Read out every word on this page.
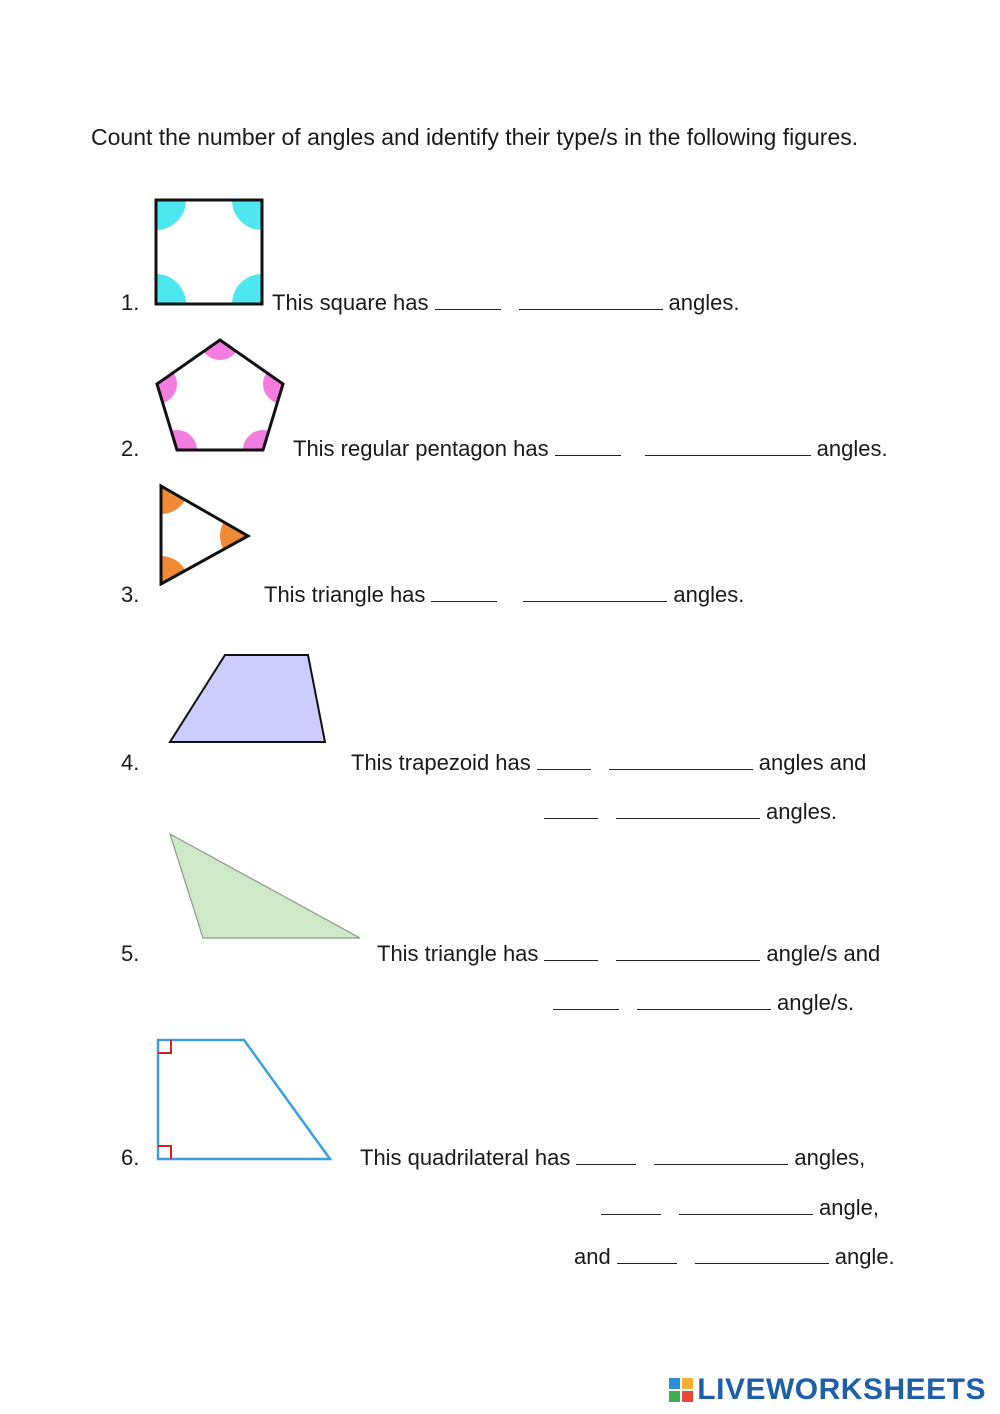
Count the number of angles and identify their type/s in the following figures.
1.	This square has	angles.
2.	This regular pentagon has	angles.
3.	This triangle has	angles.
4.	This trapezoid has	angles and
angles.
5.	This triangle has	angle/s and
angle/s.
6.	This quadrilateral has	angles,
angle,
and	angle.
LIVEWORKSHEETS
